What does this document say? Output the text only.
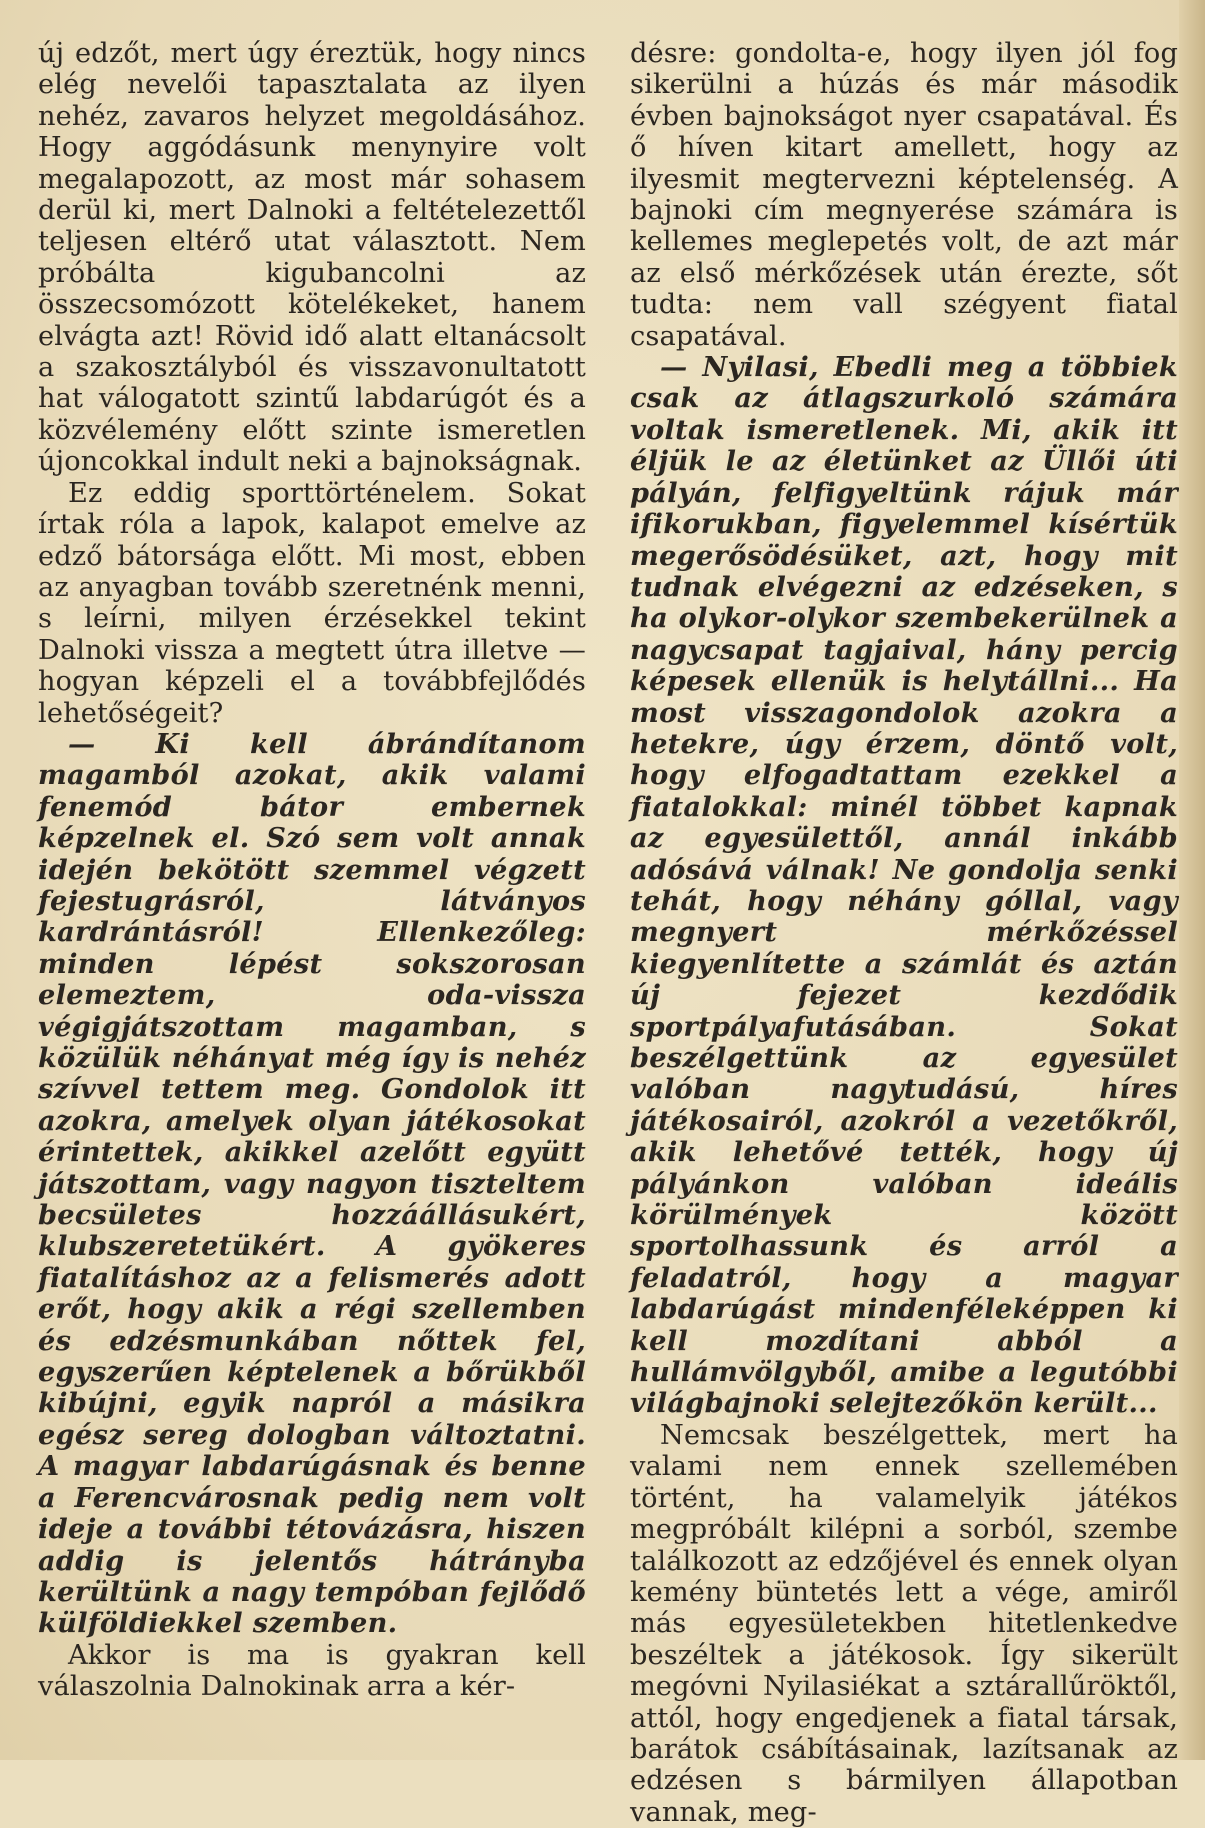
új edzőt, mert úgy éreztük, hogy nincs elég nevelői tapasztalata az ilyen nehéz, zavaros helyzet megoldásához. Hogy aggódásunk menynyire volt megalapozott, az most már sohasem derül ki, mert Dalnoki a feltételezettől teljesen eltérő utat választott. Nem próbálta kigubancolni az összecsomózott kötelékeket, hanem elvágta azt! Rövid idő alatt eltanácsolt a szakosztályból és visszavonultatott hat válogatott szintű labdarúgót és a közvélemény előtt szinte ismeretlen újoncokkal indult neki a bajnokságnak.

Ez eddig sporttörténelem. Sokat írtak róla a lapok, kalapot emelve az edző bátorsága előtt. Mi most, ebben az anyagban tovább szeretnénk menni, s leírni, milyen érzésekkel tekint Dalnoki vissza a megtett útra illetve — hogyan képzeli el a továbbfejlődés lehetőségeit?

— Ki kell ábrándítanom magamból azokat, akik valami fenemód bátor embernek képzelnek el. Szó sem volt annak idején bekötött szemmel végzett fejestugrásról, látványos kardrántásról! Ellenkezőleg: minden lépést sokszorosan elemeztem, oda-vissza végigjátszottam magamban, s közülük néhányat még így is nehéz szívvel tettem meg. Gondolok itt azokra, amelyek olyan játékosokat érintettek, akikkel azelőtt együtt játszottam, vagy nagyon tiszteltem becsületes hozzáállásukért, klubszeretetükért. A gyökeres fiatalításhoz az a felismerés adott erőt, hogy akik a régi szellemben és edzésmunkában nőttek fel, egyszerűen képtelenek a bőrükből kibújni, egyik napról a másikra egész sereg dologban változtatni. A magyar labdarúgásnak és benne a Ferencvárosnak pedig nem volt ideje a további tétovázásra, hiszen addig is jelentős hátrányba kerültünk a nagy tempóban fejlődő külföldiekkel szemben.

Akkor is ma is gyakran kell válaszolnia Dalnokinak arra a kér-

désre: gondolta-e, hogy ilyen jól fog sikerülni a húzás és már második évben bajnokságot nyer csapatával. És ő híven kitart amellett, hogy az ilyesmit megtervezni képtelenség. A bajnoki cím megnyerése számára is kellemes meglepetés volt, de azt már az első mérkőzések után érezte, sőt tudta: nem vall szégyent fiatal csapatával.

— Nyilasi, Ebedli meg a többiek csak az átlagszurkoló számára voltak ismeretlenek. Mi, akik itt éljük le az életünket az Üllői úti pályán, felfigyeltünk rájuk már ifikorukban, figyelemmel kísértük megerősödésüket, azt, hogy mit tudnak elvégezni az edzéseken, s ha olykor-olykor szembekerülnek a nagycsapat tagjaival, hány percig képesek ellenük is helytállni... Ha most visszagondolok azokra a hetekre, úgy érzem, döntő volt, hogy elfogadtattam ezekkel a fiatalokkal: minél többet kapnak az egyesülettől, annál inkább adósává válnak! Ne gondolja senki tehát, hogy néhány góllal, vagy megnyert mérkőzéssel kiegyenlítette a számlát és aztán új fejezet kezdődik sportpályafutásában. Sokat beszélgettünk az egyesület valóban nagytudású, híres játékosairól, azokról a vezetőkről, akik lehetővé tették, hogy új pályánkon valóban ideális körülmények között sportolhassunk és arról a feladatról, hogy a magyar labdarúgást mindenféleképpen ki kell mozdítani abból a hullámvölgyből, amibe a legutóbbi világbajnoki selejtezőkön került...

Nemcsak beszélgettek, mert ha valami nem ennek szellemében történt, ha valamelyik játékos megpróbált kilépni a sorból, szembe találkozott az edzőjével és ennek olyan kemény büntetés lett a vége, amiről más egyesületekben hitetlenkedve beszéltek a játékosok. Így sikerült megóvni Nyilasiékat a sztárallűröktől, attól, hogy engedjenek a fiatal társak, barátok csábításainak, lazítsanak az edzésen s bármilyen állapotban vannak, meg-
